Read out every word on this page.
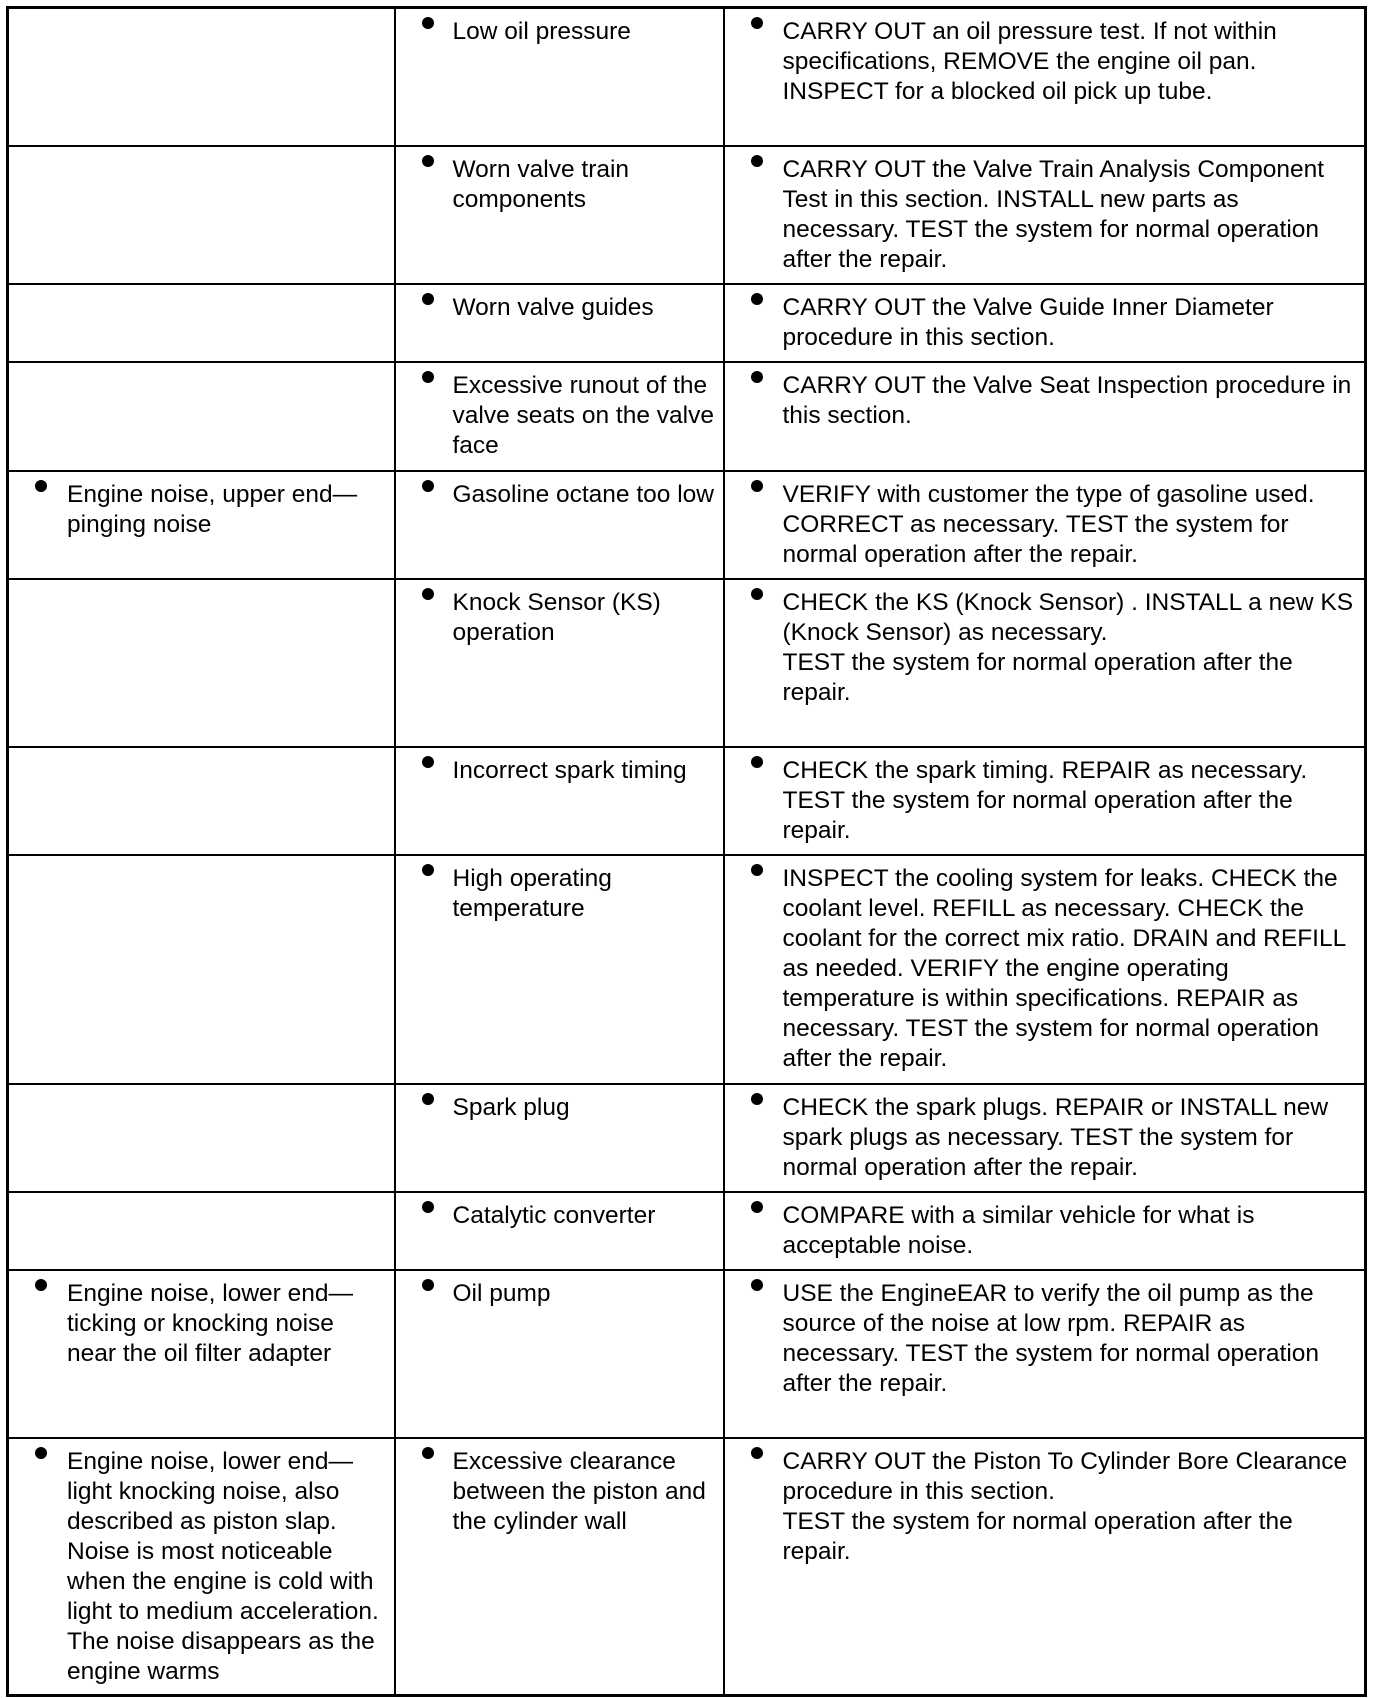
	Low oil pressure	CARRY OUT an oil pressure test. If not within specifications, REMOVE the engine oil pan. INSPECT for a blocked oil pick up tube.

	Worn valve train components	CARRY OUT the Valve Train Analysis Component Test in this section. INSTALL new parts as necessary. TEST the system for normal operation after the repair.

	Worn valve guides	CARRY OUT the Valve Guide Inner Diameter procedure in this section.

	Excessive runout of the valve seats on the valve face	CARRY OUT the Valve Seat Inspection procedure in this section.

Engine noise, upper end—pinging noise	Gasoline octane too low	VERIFY with customer the type of gasoline used. CORRECT as necessary. TEST the system for normal operation after the repair.

	Knock Sensor (KS) operation	CHECK the KS (Knock Sensor) . INSTALL a new KS (Knock Sensor) as necessary.
TEST the system for normal operation after the repair.

	Incorrect spark timing	CHECK the spark timing. REPAIR as necessary. TEST the system for normal operation after the repair.

	High operating temperature	INSPECT the cooling system for leaks. CHECK the coolant level. REFILL as necessary. CHECK the coolant for the correct mix ratio. DRAIN and REFILL as needed. VERIFY the engine operating temperature is within specifications. REPAIR as necessary. TEST the system for normal operation after the repair.

	Spark plug	CHECK the spark plugs. REPAIR or INSTALL new spark plugs as necessary. TEST the system for normal operation after the repair.

	Catalytic converter	COMPARE with a similar vehicle for what is acceptable noise.

Engine noise, lower end—ticking or knocking noise near the oil filter adapter	Oil pump	USE the EngineEAR to verify the oil pump as the source of the noise at low rpm. REPAIR as necessary. TEST the system for normal operation after the repair.

Engine noise, lower end—light knocking noise, also described as piston slap. Noise is most noticeable when the engine is cold with light to medium acceleration. The noise disappears as the engine warms	Excessive clearance between the piston and the cylinder wall	CARRY OUT the Piston To Cylinder Bore Clearance procedure in this section.
TEST the system for normal operation after the repair.
